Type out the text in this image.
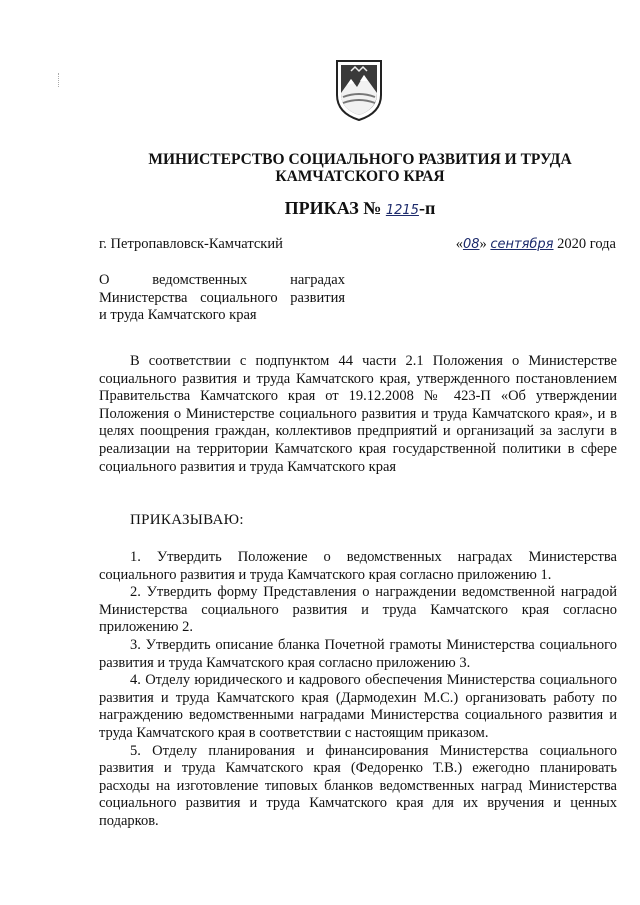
МИНИСТЕРСТВО СОЦИАЛЬНОГО РАЗВИТИЯ И ТРУДА
КАМЧАТСКОГО КРАЯ
ПРИКАЗ № 1215-п
г. Петропавловск-Камчатский	«08» сентября 2020 года
О ведомственных наградах
Министерства социального развития
и труда Камчатского края

В соответствии с подпунктом 44 части 2.1 Положения о Министерстве социального развития и труда Камчатского края, утвержденного постановлением Правительства Камчатского края от 19.12.2008 № 423-П «Об утверждении Положения о Министерстве социального развития и труда Камчатского края», и в целях поощрения граждан, коллективов предприятий и организаций за заслуги в реализации на территории Камчатского края государственной политики в сфере социального развития и труда Камчатского края

ПРИКАЗЫВАЮ:

1. Утвердить Положение о ведомственных наградах Министерства социального развития и труда Камчатского края согласно приложению 1.

2. Утвердить форму Представления о награждении ведомственной наградой Министерства социального развития и труда Камчатского края согласно приложению 2.

3. Утвердить описание бланка Почетной грамоты Министерства социального развития и труда Камчатского края согласно приложению 3.

4. Отделу юридического и кадрового обеспечения Министерства социального развития и труда Камчатского края (Дармодехин М.С.) организовать работу по награждению ведомственными наградами Министерства социального развития и труда Камчатского края в соответствии с настоящим приказом.

5. Отделу планирования и финансирования Министерства социального развития и труда Камчатского края (Федоренко Т.В.) ежегодно планировать расходы на изготовление типовых бланков ведомственных наград Министерства социального развития и труда Камчатского края для их вручения и ценных подарков.
